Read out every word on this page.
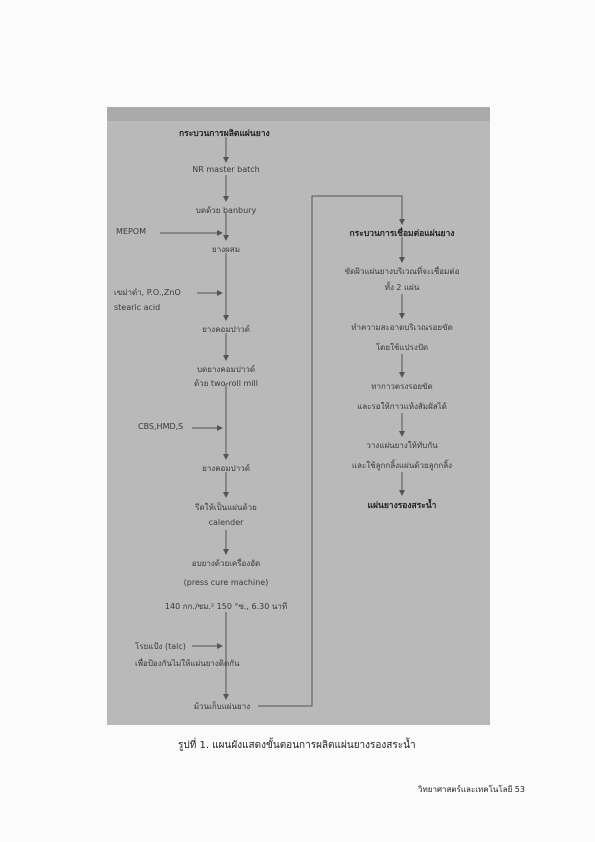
กระบวนการผลิตแผ่นยาง
NR master batch
บดด้วย banbury
MEPOM
ยางผสม
เขม่าดำ, P.O.,ZnO
stearic acid
ยางคอมปาวด์
บดยางคอมปาวด์
ด้วย two-roll mill
CBS,HMD,S
ยางคอมปาวด์
รีดให้เป็นแผ่นด้วย
calender
อบยางด้วยเครื่องอัด
(press cure machine)
140 กก./ซม.² 150 °ซ., 6.30 นาที
โรยแป้ง (talc)
เพื่อป้องกันไม่ให้แผ่นยางติดกัน
ม้วนเก็บแผ่นยาง
กระบวนการเชื่อมต่อแผ่นยาง
ขัดผิวแผ่นยางบริเวณที่จะเชื่อมต่อ
ทั้ง 2 แผ่น
ทำความสะอาดบริเวณรอยขัด
โดยใช้แปรงปัด
ทากาวตรงรอยขัด
และรอให้กาวแห้งสัมผัสได้
วางแผ่นยางให้ทับกัน
และใช้ลูกกลิ้งแผ่นด้วยลูกกลิ้ง
แผ่นยางรองสระน้ำ
รูปที่ 1. แผนผังแสดงขั้นตอนการผลิตแผ่นยางรองสระน้ำ
วิทยาศาสตร์และเทคโนโลยี 53
